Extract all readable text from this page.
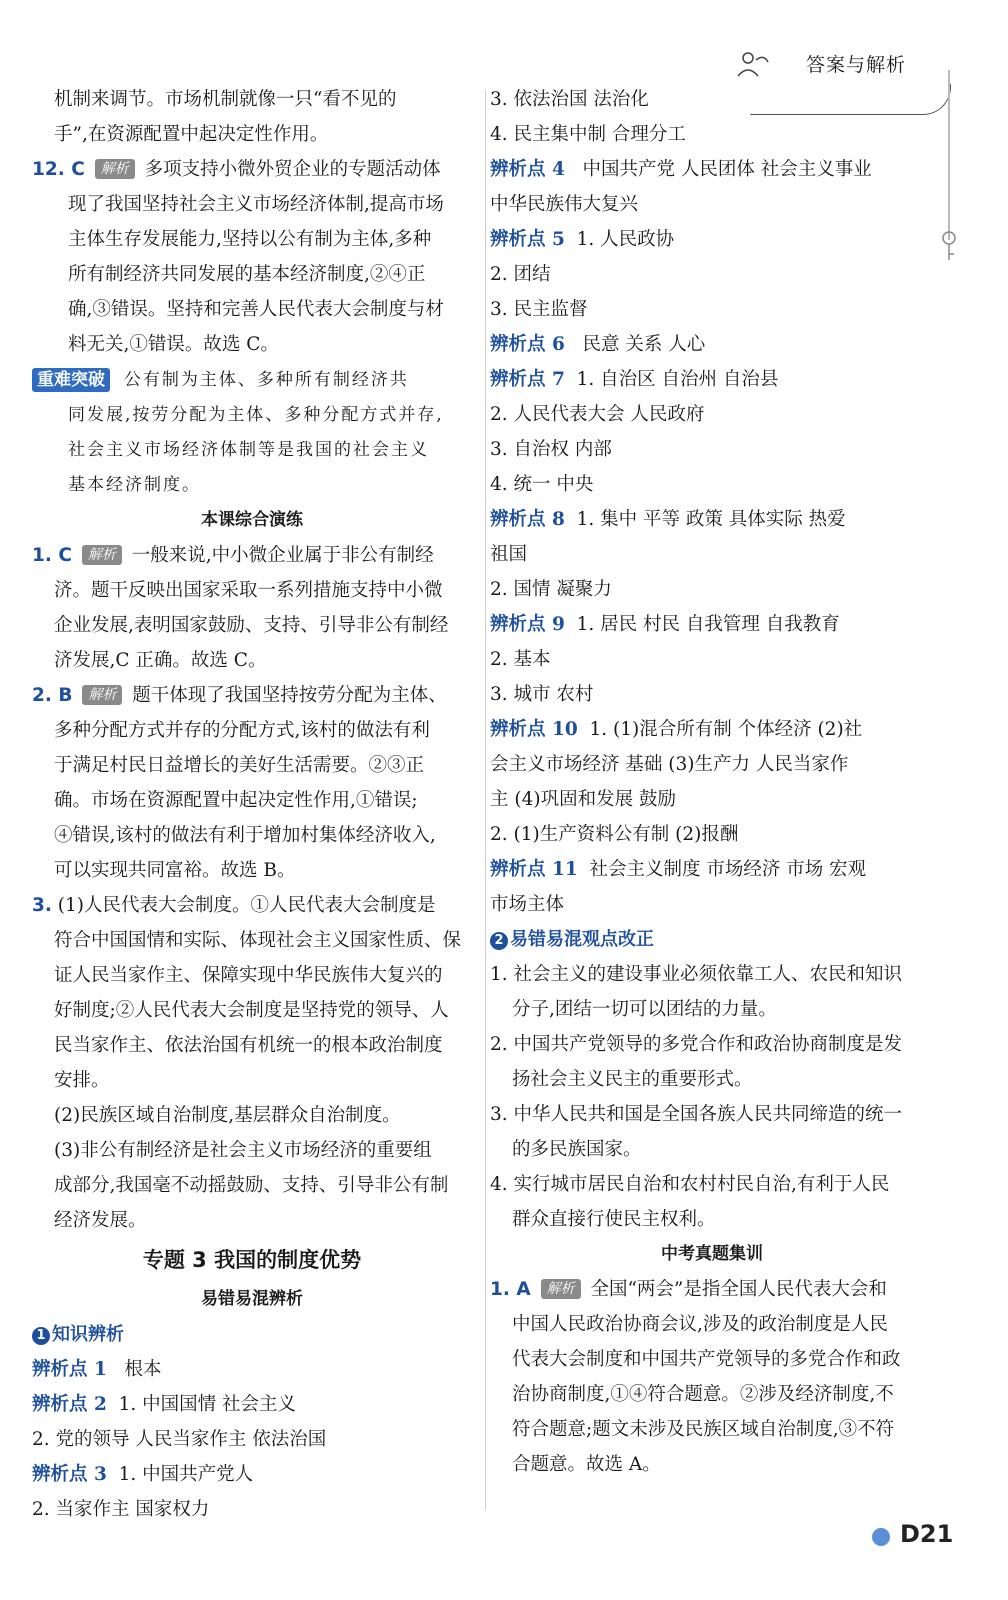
答案与解析
机制来调节。市场机制就像一只“看不见的
手”,在资源配置中起决定性作用。
12. C 解析 多项支持小微外贸企业的专题活动体
现了我国坚持社会主义市场经济体制,提高市场
主体生存发展能力,坚持以公有制为主体,多种
所有制经济共同发展的基本经济制度,②④正
确,③错误。坚持和完善人民代表大会制度与材
料无关,①错误。故选 C。
重难突破 公有制为主体、多种所有制经济共
同发展,按劳分配为主体、多种分配方式并存,
社会主义市场经济体制等是我国的社会主义
基本经济制度。
本课综合演练
1. C 解析 一般来说,中小微企业属于非公有制经
济。题干反映出国家采取一系列措施支持中小微
企业发展,表明国家鼓励、支持、引导非公有制经
济发展,C 正确。故选 C。
2. B 解析 题干体现了我国坚持按劳分配为主体、
多种分配方式并存的分配方式,该村的做法有利
于满足村民日益增长的美好生活需要。②③正
确。市场在资源配置中起决定性作用,①错误;
④错误,该村的做法有利于增加村集体经济收入,
可以实现共同富裕。故选 B。
3. (1)人民代表大会制度。①人民代表大会制度是
符合中国国情和实际、体现社会主义国家性质、保
证人民当家作主、保障实现中华民族伟大复兴的
好制度;②人民代表大会制度是坚持党的领导、人
民当家作主、依法治国有机统一的根本政治制度
安排。
(2)民族区域自治制度,基层群众自治制度。
(3)非公有制经济是社会主义市场经济的重要组
成部分,我国毫不动摇鼓励、支持、引导非公有制
经济发展。
专题 3 我国的制度优势
易错易混辨析
1 知识辨析
辨析点 1 根本
辨析点 2 1. 中国国情 社会主义
2. 党的领导 人民当家作主 依法治国
辨析点 3 1. 中国共产党人
2. 当家作主 国家权力
3. 依法治国 法治化
4. 民主集中制 合理分工
辨析点 4 中国共产党 人民团体 社会主义事业
中华民族伟大复兴
辨析点 5 1. 人民政协
2. 团结
3. 民主监督
辨析点 6 民意 关系 人心
辨析点 7 1. 自治区 自治州 自治县
2. 人民代表大会 人民政府
3. 自治权 内部
4. 统一 中央
辨析点 8 1. 集中 平等 政策 具体实际 热爱
祖国
2. 国情 凝聚力
辨析点 9 1. 居民 村民 自我管理 自我教育
2. 基本
3. 城市 农村
辨析点 10 1. (1)混合所有制 个体经济 (2)社
会主义市场经济 基础 (3)生产力 人民当家作
主 (4)巩固和发展 鼓励
2. (1)生产资料公有制 (2)报酬
辨析点 11 社会主义制度 市场经济 市场 宏观
市场主体
2 易错易混观点改正
1. 社会主义的建设事业必须依靠工人、农民和知识
分子,团结一切可以团结的力量。
2. 中国共产党领导的多党合作和政治协商制度是发
扬社会主义民主的重要形式。
3. 中华人民共和国是全国各族人民共同缔造的统一
的多民族国家。
4. 实行城市居民自治和农村村民自治,有利于人民
群众直接行使民主权利。
中考真题集训
1. A 解析 全国“两会”是指全国人民代表大会和
中国人民政治协商会议,涉及的政治制度是人民
代表大会制度和中国共产党领导的多党合作和政
治协商制度,①④符合题意。②涉及经济制度,不
符合题意;题文未涉及民族区域自治制度,③不符
合题意。故选 A。
D21
